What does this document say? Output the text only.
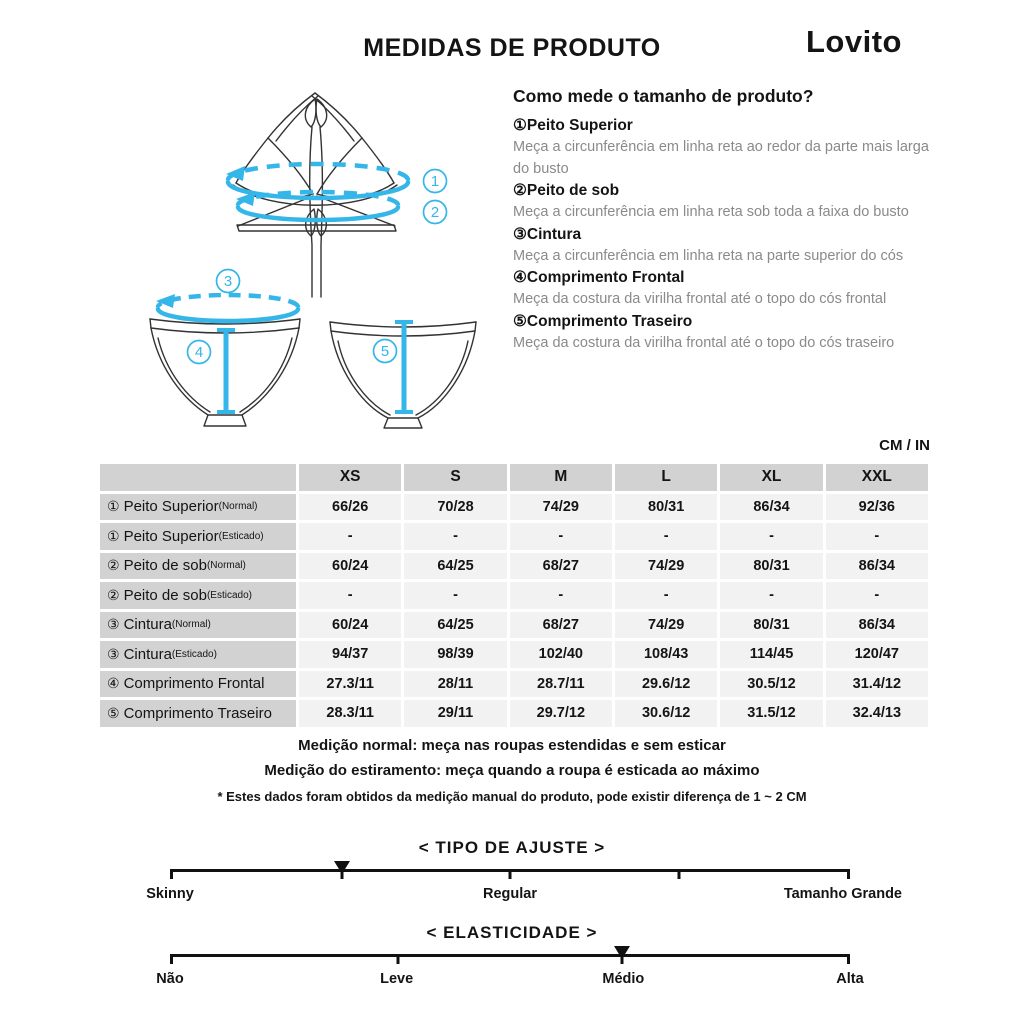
MEDIDAS DE PRODUTO	Lovito
1
2
3
4	5

Como mede o tamanho de produto?

①Peito Superior
Meça a circunferência em linha reta ao redor da parte mais larga do busto
②Peito de sob
Meça a circunferência em linha reta sob toda a faixa do busto
③Cintura
Meça a circunferência em linha reta na parte superior do cós
④Comprimento Frontal
Meça da costura da virilha frontal até o topo do cós frontal
⑤Comprimento Traseiro
Meça da costura da virilha frontal até o topo do cós traseiro
CM / IN
XS	S	M	L	XL	XXL
① Peito Superior (Normal)	66/26	70/28	74/29	80/31	86/34	92/36
① Peito Superior (Esticado)	-	-	-	-	-	-
② Peito de sob (Normal)	60/24	64/25	68/27	74/29	80/31	86/34
② Peito de sob (Esticado)	-	-	-	-	-	-
③ Cintura (Normal)	60/24	64/25	68/27	74/29	80/31	86/34
③ Cintura (Esticado)	94/37	98/39	102/40	108/43	114/45	120/47
④ Comprimento Frontal	27.3/11	28/11	28.7/11	29.6/12	30.5/12	31.4/12
⑤ Comprimento Traseiro	28.3/11	29/11	29.7/12	30.6/12	31.5/12	32.4/13

Medição normal: meça nas roupas estendidas e sem esticar

Medição do estiramento: meça quando a roupa é esticada ao máximo

* Estes dados foram obtidos da medição manual do produto, pode existir diferença de 1 ~ 2 CM

< TIPO DE AJUSTE >
Skinny	Regular	Tamanho Grande
< ELASTICIDADE >
Não	Leve	Médio	Alta
